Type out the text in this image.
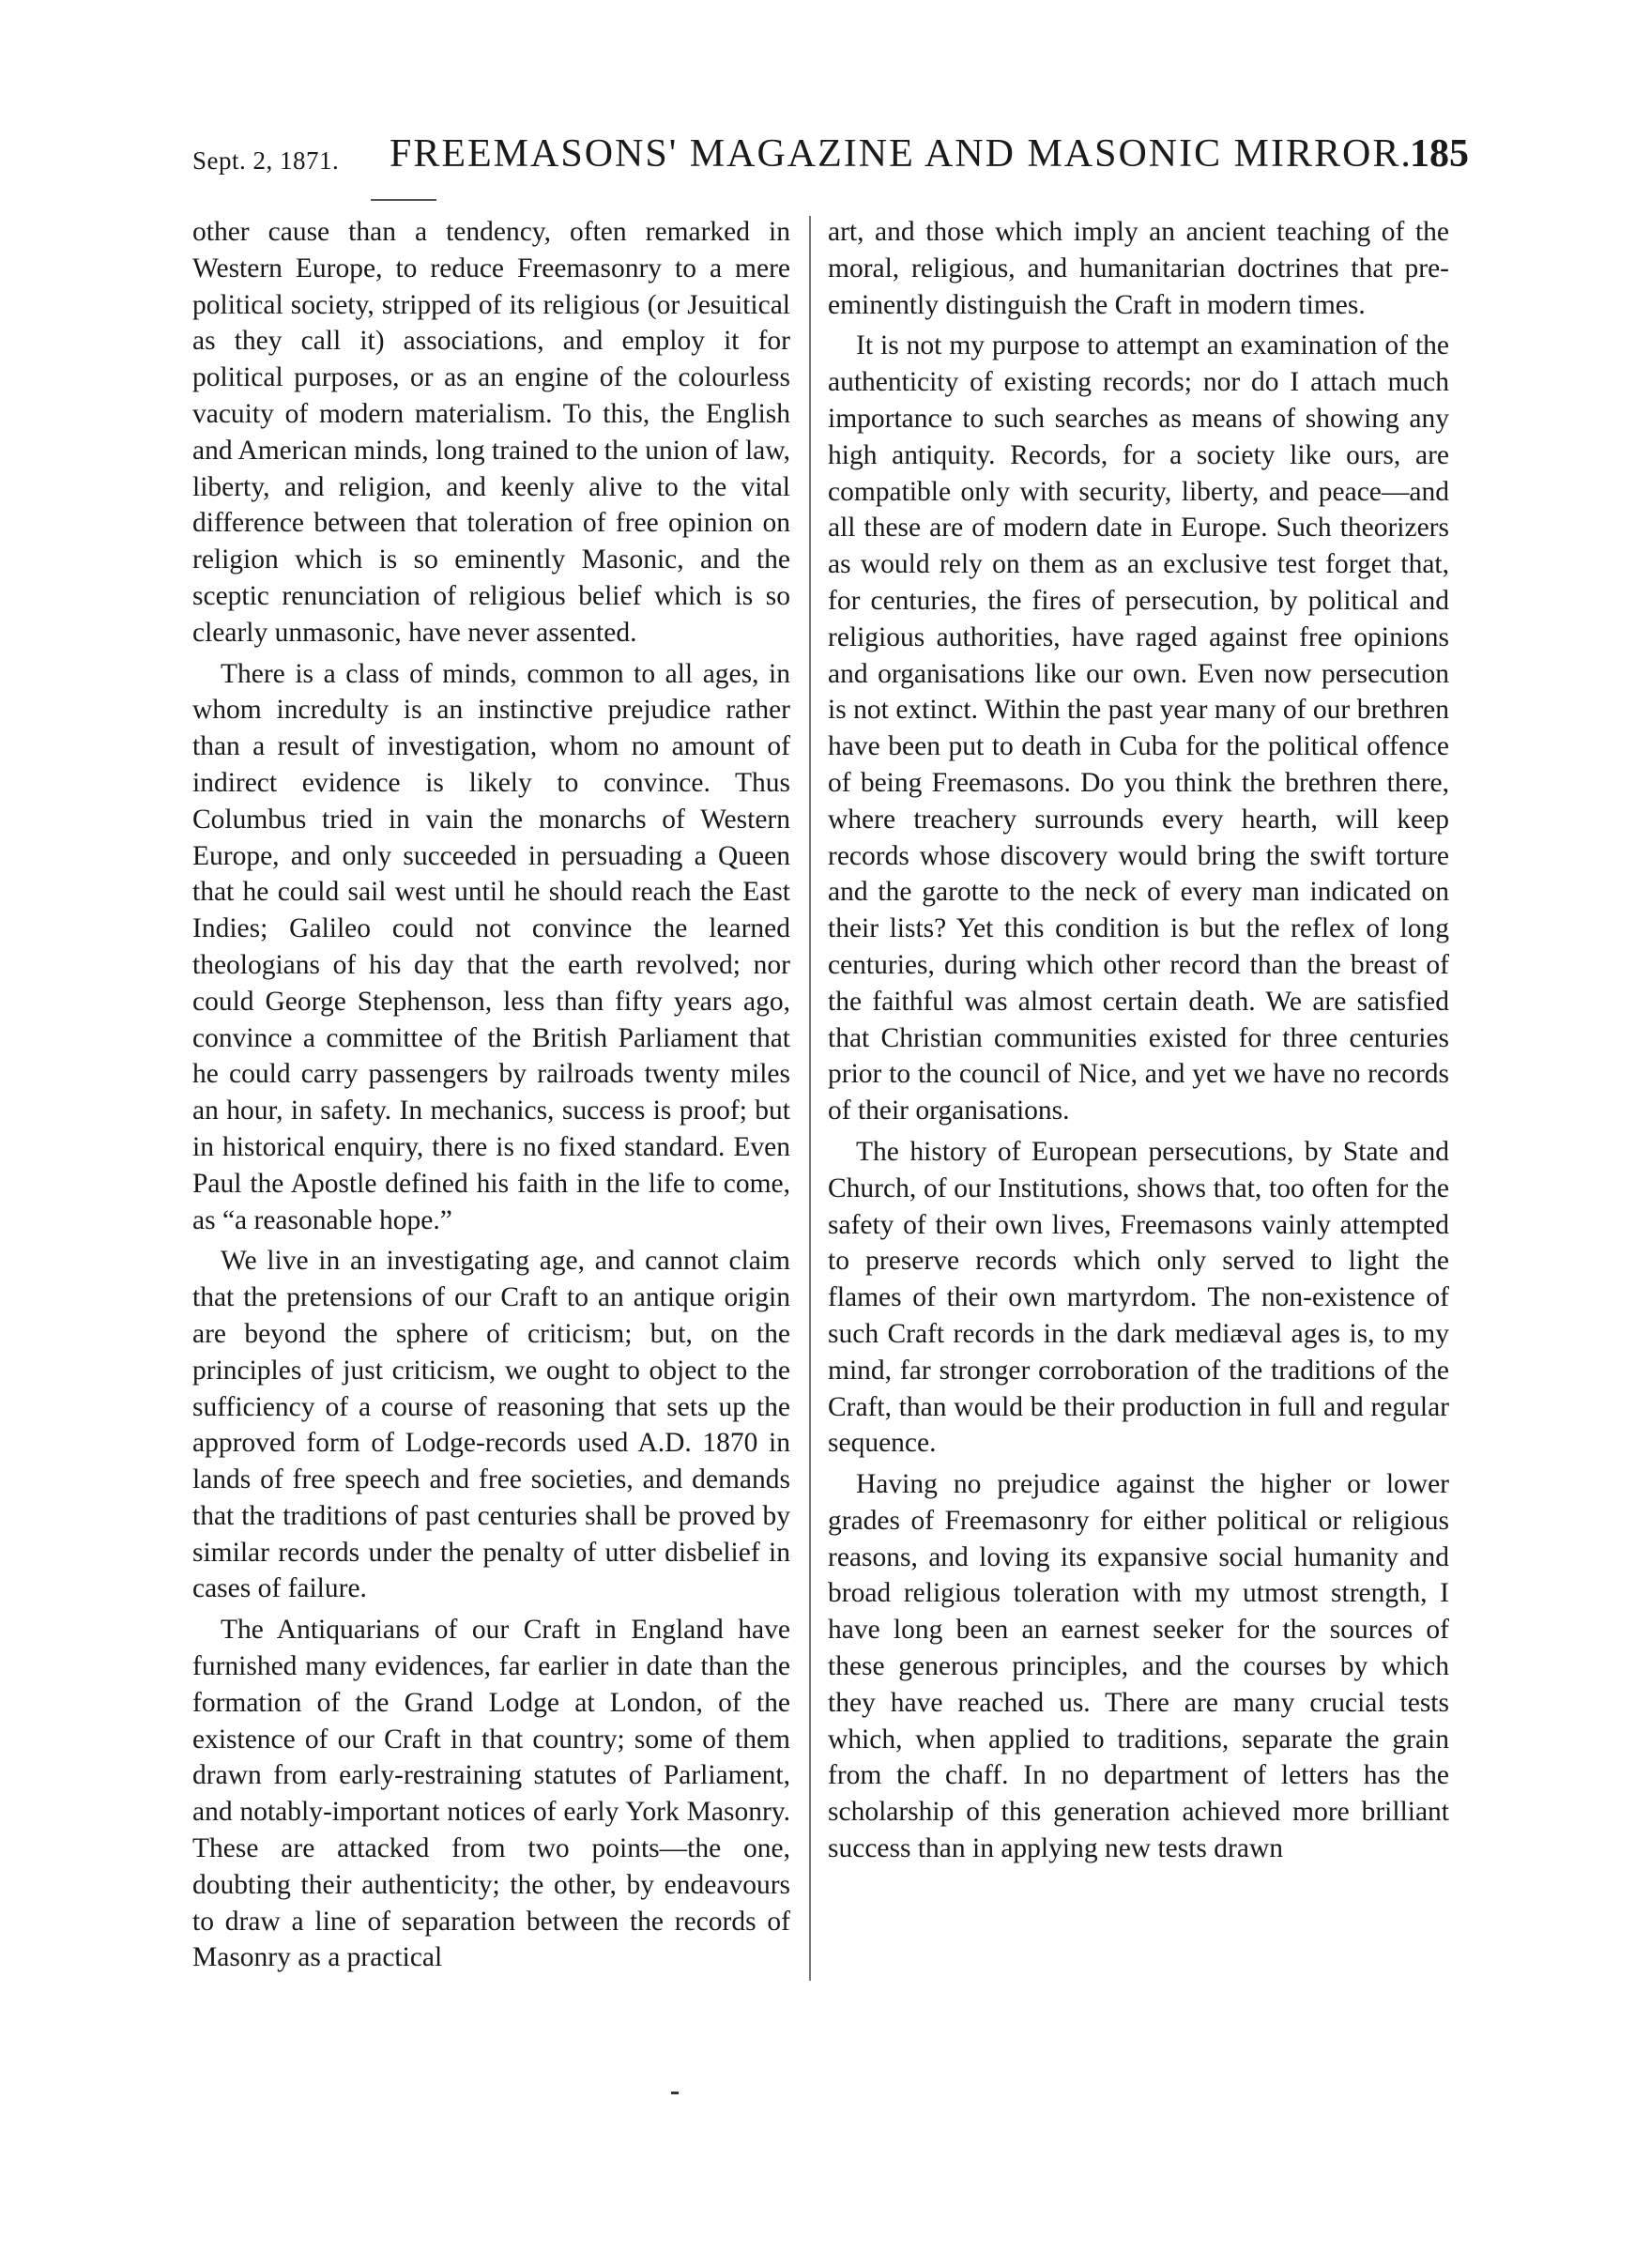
Sept. 2, 1871. FREEMASONS' MAGAZINE AND MASONIC MIRROR.
185

other cause than a tendency, often remarked in Western Europe, to reduce Freemasonry to a mere political society, stripped of its religious (or Jesuitical as they call it) associations, and employ it for political purposes, or as an engine of the colourless vacuity of modern materialism. To this, the English and American minds, long trained to the union of law, liberty, and religion, and keenly alive to the vital difference between that toleration of free opinion on religion which is so eminently Masonic, and the sceptic renunciation of religious belief which is so clearly unmasonic, have never assented.

There is a class of minds, common to all ages, in whom incredulty is an instinctive prejudice rather than a result of investigation, whom no amount of indirect evidence is likely to convince. Thus Columbus tried in vain the monarchs of Western Europe, and only succeeded in persuading a Queen that he could sail west until he should reach the East Indies; Galileo could not convince the learned theologians of his day that the earth revolved; nor could George Stephenson, less than fifty years ago, convince a committee of the British Parliament that he could carry passengers by railroads twenty miles an hour, in safety. In mechanics, success is proof; but in historical enquiry, there is no fixed standard. Even Paul the Apostle defined his faith in the life to come, as “a reasonable hope.”

We live in an investigating age, and cannot claim that the pretensions of our Craft to an antique origin are beyond the sphere of criticism; but, on the principles of just criticism, we ought to object to the sufficiency of a course of reasoning that sets up the approved form of Lodge-records used A.D. 1870 in lands of free speech and free societies, and demands that the traditions of past centuries shall be proved by similar records under the penalty of utter disbelief in cases of failure.

The Antiquarians of our Craft in England have furnished many evidences, far earlier in date than the formation of the Grand Lodge at London, of the existence of our Craft in that country; some of them drawn from early-restraining statutes of Parliament, and notably-important notices of early York Masonry. These are attacked from two points—the one, doubting their authenticity; the other, by endeavours to draw a line of separation between the records of Masonry as a practical

art, and those which imply an ancient teaching of the moral, religious, and humanitarian doctrines that pre-eminently distinguish the Craft in modern times.

It is not my purpose to attempt an examination of the authenticity of existing records; nor do I attach much importance to such searches as means of showing any high antiquity. Records, for a society like ours, are compatible only with security, liberty, and peace—and all these are of modern date in Europe. Such theorizers as would rely on them as an exclusive test forget that, for centuries, the fires of persecution, by political and religious authorities, have raged against free opinions and organisations like our own. Even now persecution is not extinct. Within the past year many of our brethren have been put to death in Cuba for the political offence of being Freemasons. Do you think the brethren there, where treachery surrounds every hearth, will keep records whose discovery would bring the swift torture and the garotte to the neck of every man indicated on their lists? Yet this condition is but the reflex of long centuries, during which other record than the breast of the faithful was almost certain death. We are satisfied that Christian communities existed for three centuries prior to the council of Nice, and yet we have no records of their organisations.

The history of European persecutions, by State and Church, of our Institutions, shows that, too often for the safety of their own lives, Freemasons vainly attempted to preserve records which only served to light the flames of their own martyrdom. The non-existence of such Craft records in the dark mediæval ages is, to my mind, far stronger corroboration of the traditions of the Craft, than would be their production in full and regular sequence.

Having no prejudice against the higher or lower grades of Freemasonry for either political or religious reasons, and loving its expansive social humanity and broad religious toleration with my utmost strength, I have long been an earnest seeker for the sources of these generous principles, and the courses by which they have reached us. There are many crucial tests which, when applied to traditions, separate the grain from the chaff. In no department of letters has the scholarship of this generation achieved more brilliant success than in applying new tests drawn
